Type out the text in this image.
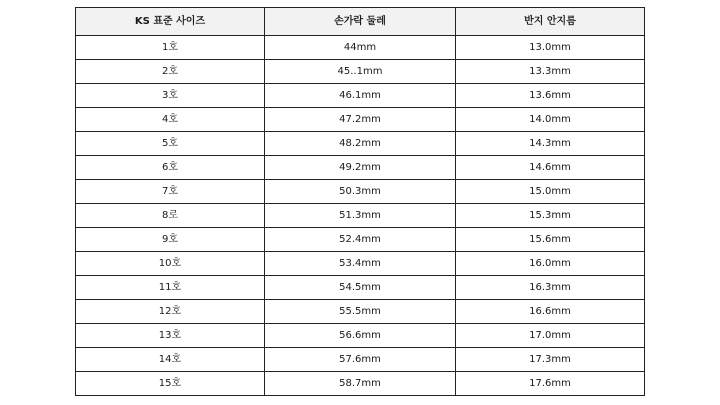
KS 표준 사이즈	손가락 둘레	반지 안지름
1호	44mm	13.0mm
2호	45..1mm	13.3mm
3호	46.1mm	13.6mm
4호	47.2mm	14.0mm
5호	48.2mm	14.3mm
6호	49.2mm	14.6mm
7호	50.3mm	15.0mm
8로	51.3mm	15.3mm
9호	52.4mm	15.6mm
10호	53.4mm	16.0mm
11호	54.5mm	16.3mm
12호	55.5mm	16.6mm
13호	56.6mm	17.0mm
14호	57.6mm	17.3mm
15호	58.7mm	17.6mm
